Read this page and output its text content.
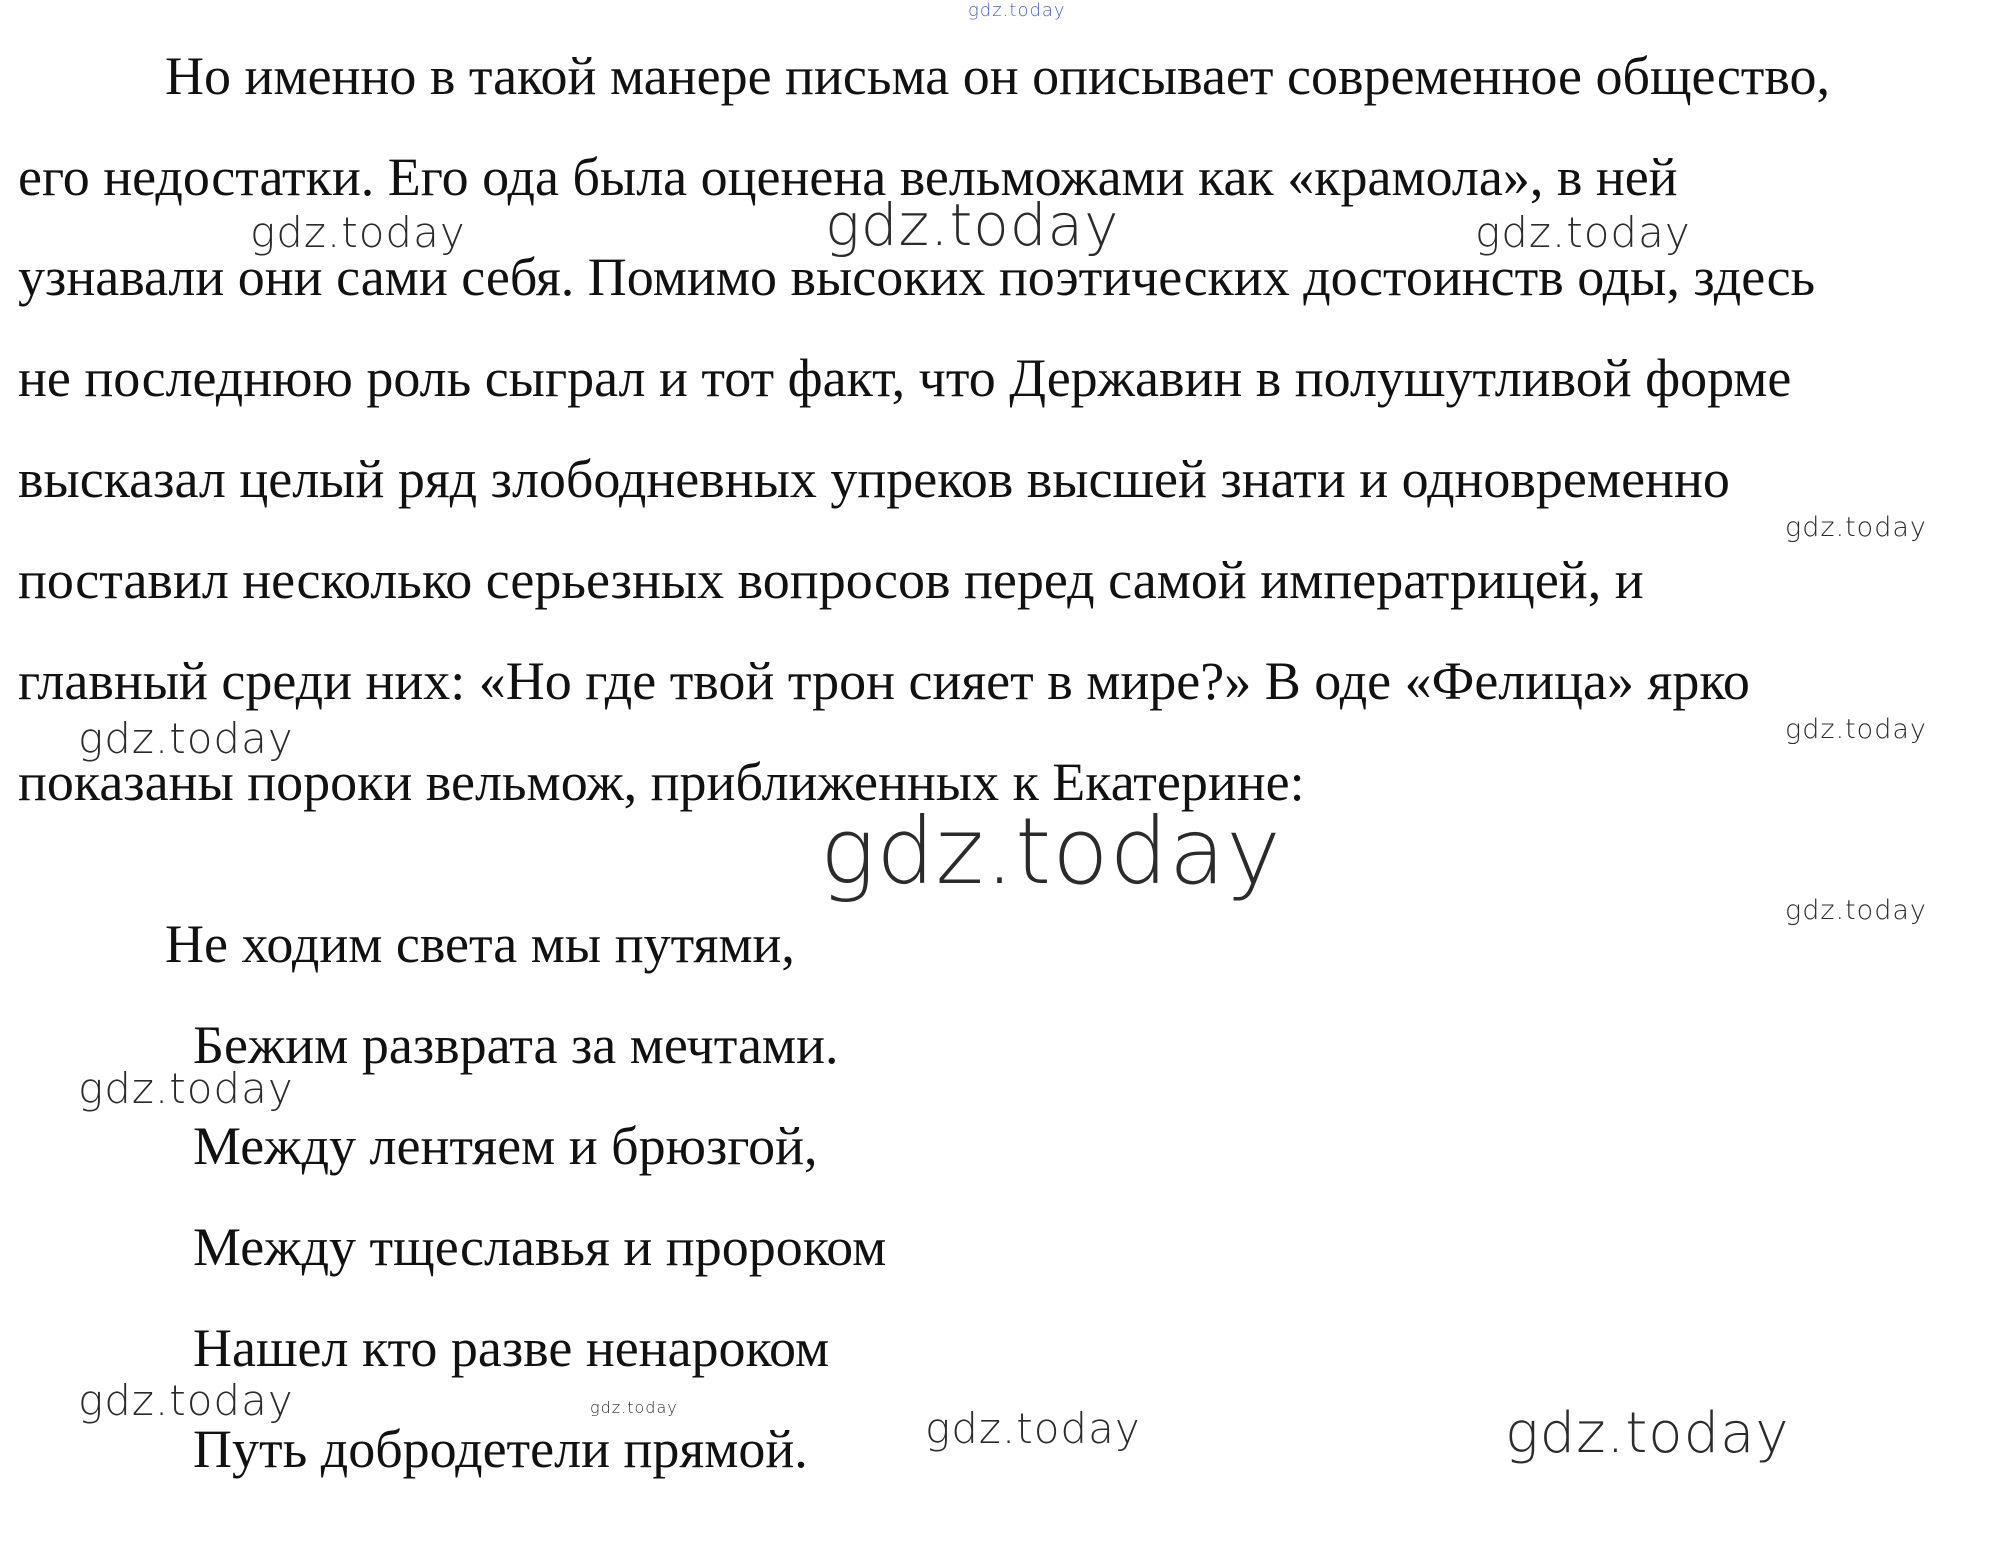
Но именно в такой манере письма он описывает современное общество,

его недостатки. Его ода была оценена вельможами как «крамола», в ней

узнавали они сами себя. Помимо высоких поэтических достоинств оды, здесь

не последнюю роль сыграл и тот факт, что Державин в полушутливой форме

высказал целый ряд злободневных упреков высшей знати и одновременно

поставил несколько серьезных вопросов перед самой императрицей, и

главный среди них: «Но где твой трон сияет в мире?» В оде «Фелица» ярко

показаны пороки вельмож, приближенных к Екатерине:

Не ходим света мы путями,

Бежим разврата за мечтами.

Между лентяем и брюзгой,

Между тщеславья и пророком

Нашел кто разве ненароком

Путь добродетели прямой.

gdz.today
gdz.today	gdz.today	gdz.today
gdz.today
gdz.today	gdz.today
gdz.today
gdz.today
gdz.today
gdz.today	gdz.today	gdz.today	gdz.today
